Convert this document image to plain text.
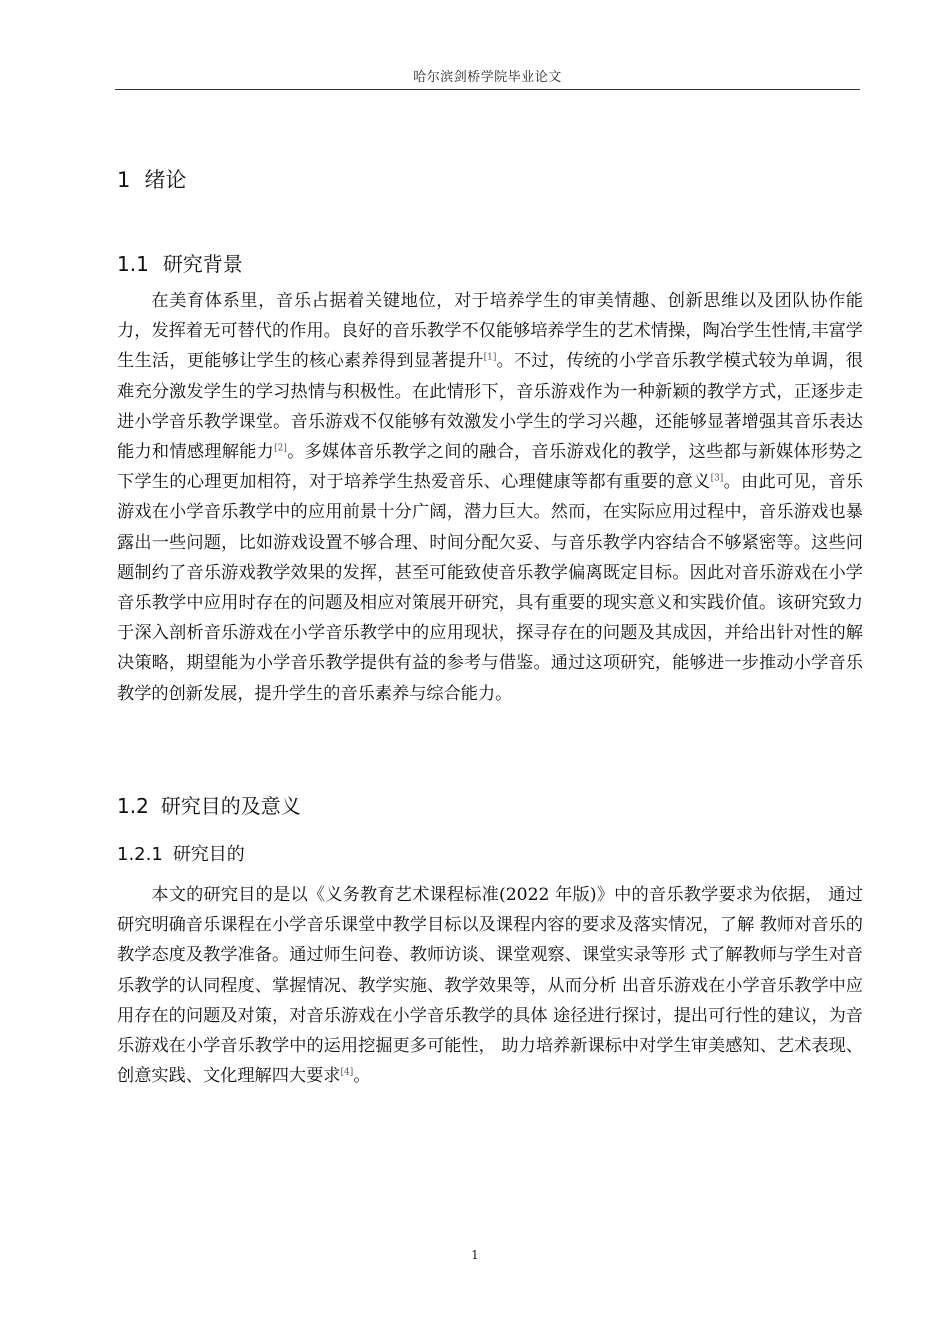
哈尔滨剑桥学院毕业论文
1 绪论
1.1 研究背景

在美育体系里，音乐占据着关键地位，对于培养学生的审美情趣、创新思维以及团队协作能力，发挥着无可替代的作用。良好的音乐教学不仅能够培养学生的艺术情操，陶冶学生性情,丰富学生生活，更能够让学生的核心素养得到显著提升[1]。不过，传统的小学音乐教学模式较为单调，很难充分激发学生的学习热情与积极性。在此情形下，音乐游戏作为一种新颖的教学方式，正逐步走进小学音乐教学课堂。音乐游戏不仅能够有效激发小学生的学习兴趣，还能够显著增强其音乐表达能力和情感理解能力[2]。多媒体音乐教学之间的融合，音乐游戏化的教学，这些都与新媒体形势之下学生的心理更加相符，对于培养学生热爱音乐、心理健康等都有重要的意义[3]。由此可见，音乐游戏在小学音乐教学中的应用前景十分广阔，潜力巨大。然而，在实际应用过程中，音乐游戏也暴露出一些问题，比如游戏设置不够合理、时间分配欠妥、与音乐教学内容结合不够紧密等。这些问题制约了音乐游戏教学效果的发挥，甚至可能致使音乐教学偏离既定目标。因此对音乐游戏在小学音乐教学中应用时存在的问题及相应对策展开研究，具有重要的现实意义和实践价值。该研究致力于深入剖析音乐游戏在小学音乐教学中的应用现状，探寻存在的问题及其成因，并给出针对性的解决策略，期望能为小学音乐教学提供有益的参考与借鉴。通过这项研究，能够进一步推动小学音乐教学的创新发展，提升学生的音乐素养与综合能力。

1.2 研究目的及意义
1.2.1 研究目的

本文的研究目的是以《义务教育艺术课程标准(2022 年版)》中的音乐教学要求为依据， 通过研究明确音乐课程在小学音乐课堂中教学目标以及课程内容的要求及落实情况，了解 教师对音乐的教学态度及教学准备。通过师生问卷、教师访谈、课堂观察、课堂实录等形 式了解教师与学生对音乐教学的认同程度、掌握情况、教学实施、教学效果等，从而分析 出音乐游戏在小学音乐教学中应用存在的问题及对策，对音乐游戏在小学音乐教学的具体 途径进行探讨，提出可行性的建议，为音乐游戏在小学音乐教学中的运用挖掘更多可能性， 助力培养新课标中对学生审美感知、艺术表现、创意实践、文化理解四大要求[4]。

1
